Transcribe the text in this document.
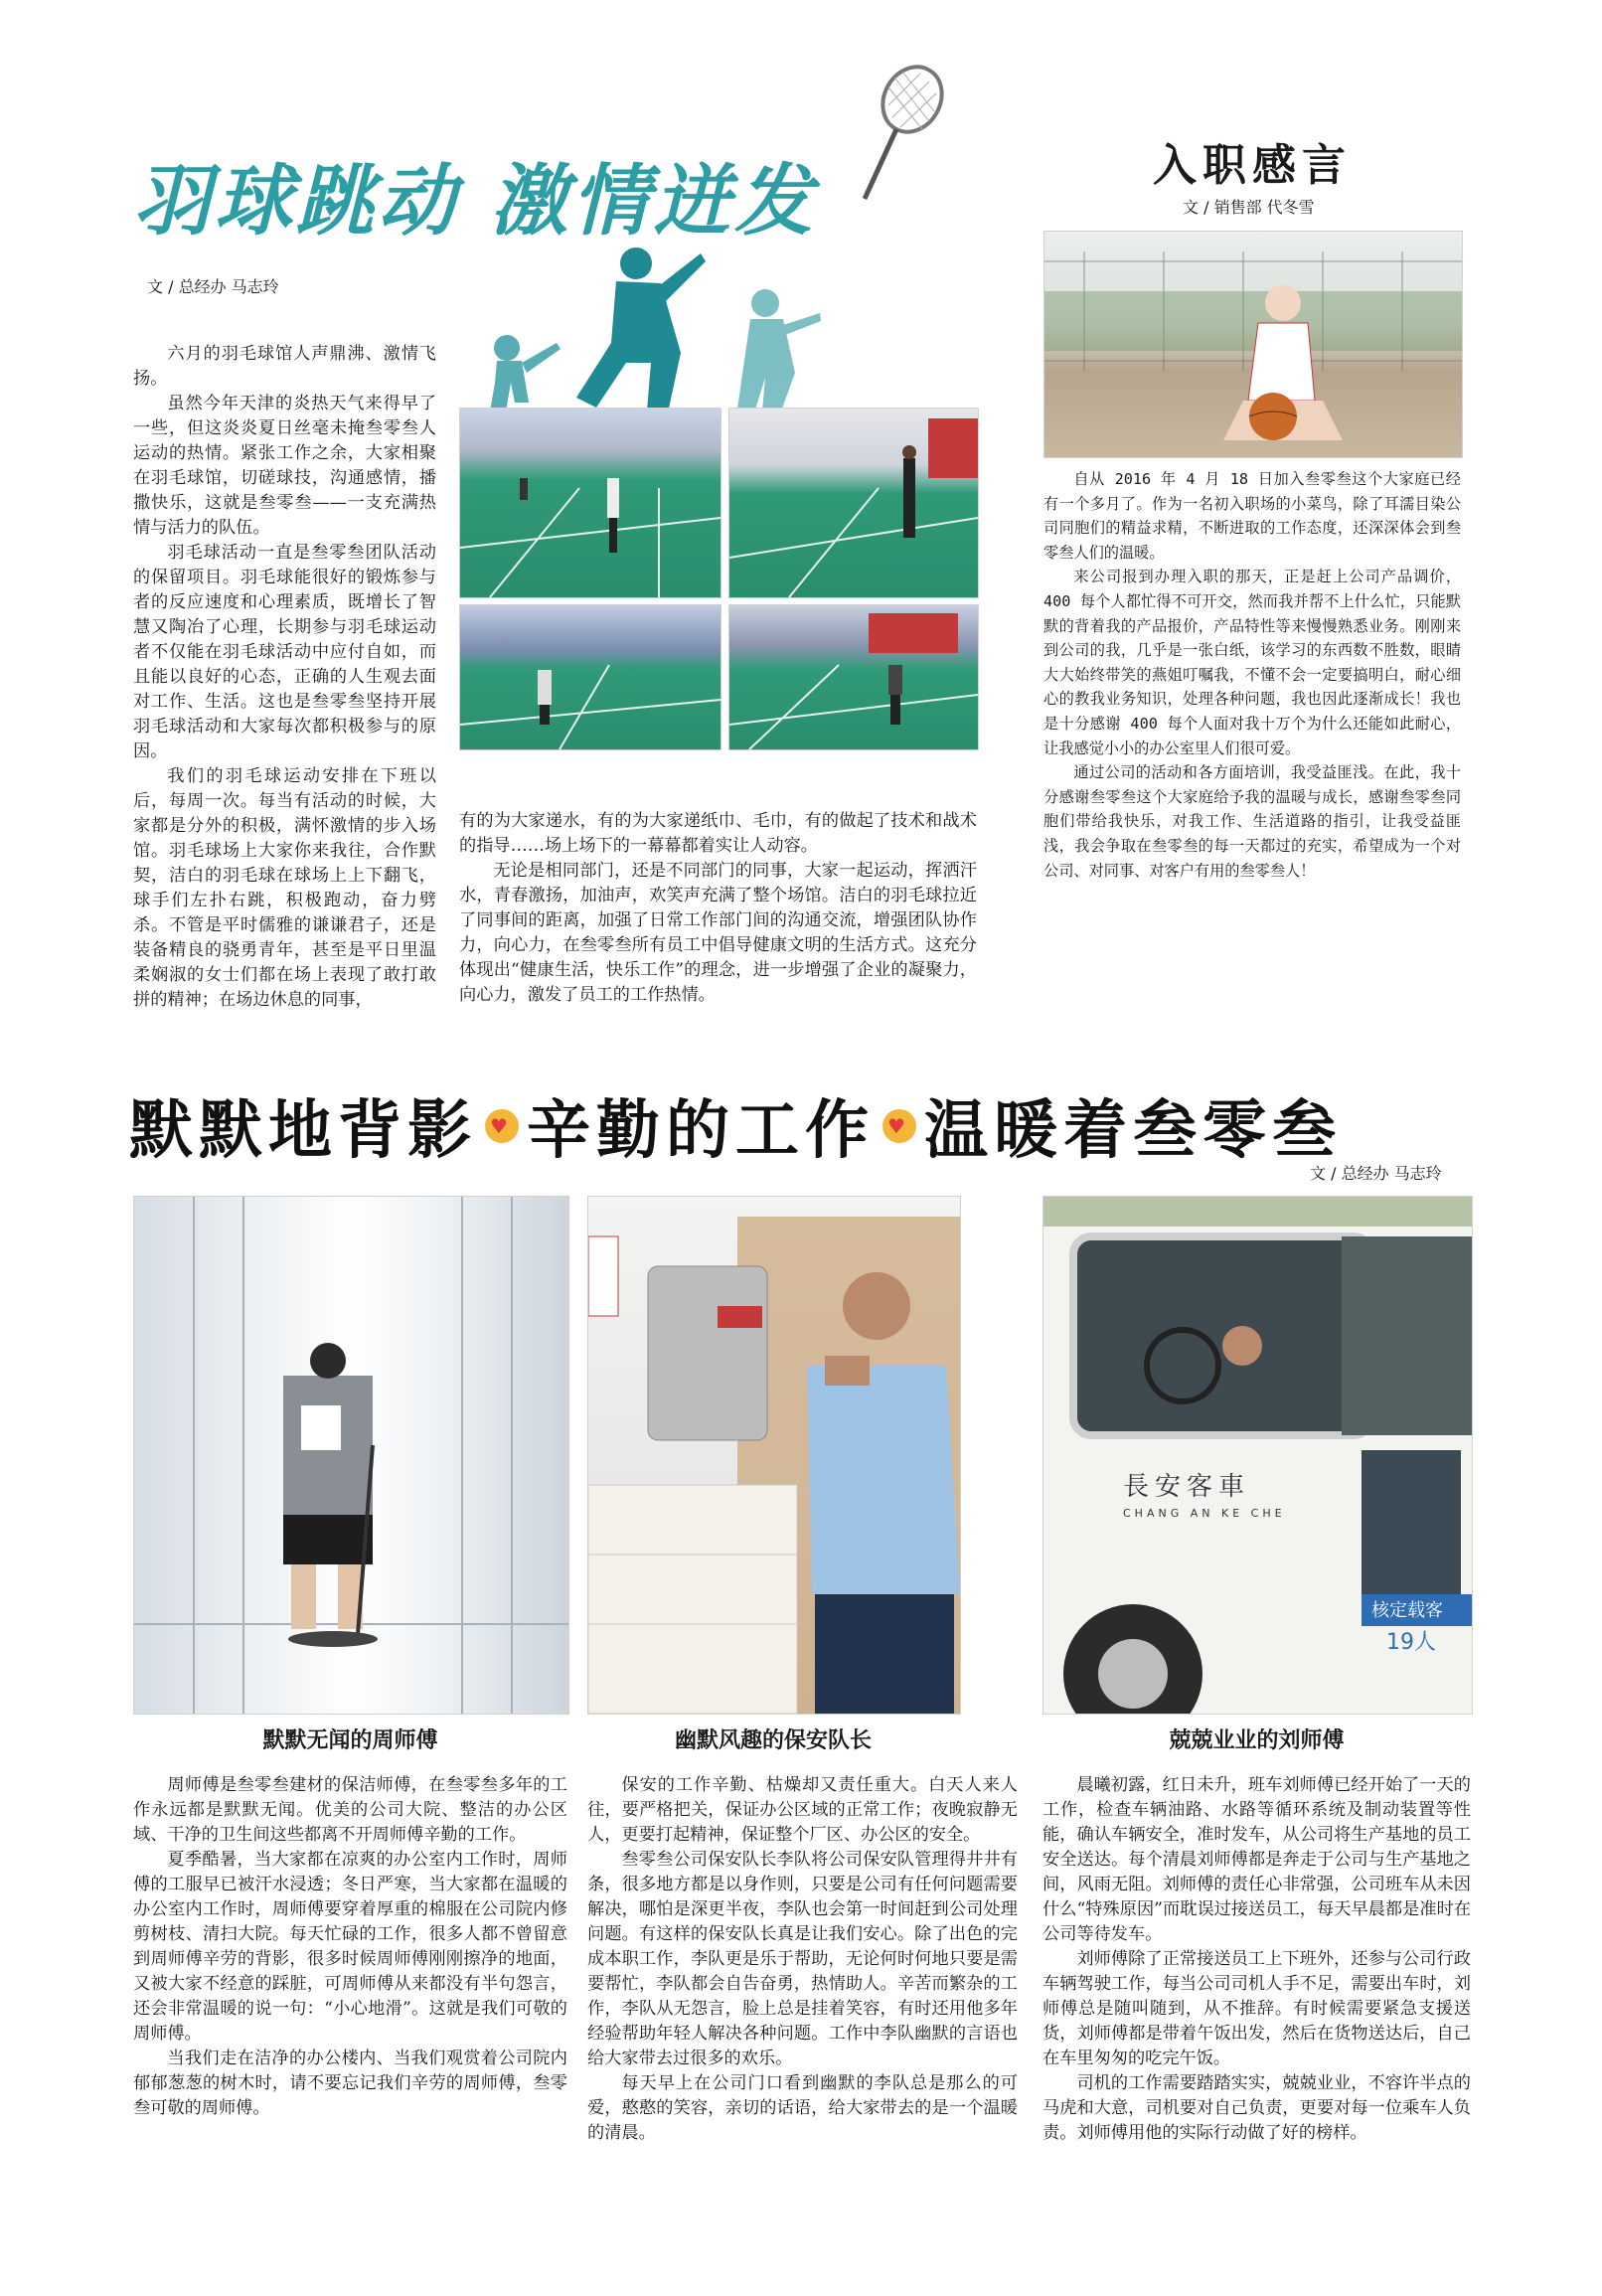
羽球跳动 激情迸发
文 / 总经办 马志玲

六月的羽毛球馆人声鼎沸、激情飞扬。

虽然今年天津的炎热天气来得早了一些，但这炎炎夏日丝毫未掩叁零叁人运动的热情。紧张工作之余，大家相聚在羽毛球馆，切磋球技，沟通感情，播撒快乐，这就是叁零叁——一支充满热情与活力的队伍。

羽毛球活动一直是叁零叁团队活动的保留项目。羽毛球能很好的锻炼参与者的反应速度和心理素质，既增长了智慧又陶冶了心理，长期参与羽毛球运动者不仅能在羽毛球活动中应付自如，而且能以良好的心态，正确的人生观去面对工作、生活。这也是叁零叁坚持开展羽毛球活动和大家每次都积极参与的原因。

我们的羽毛球运动安排在下班以后，每周一次。每当有活动的时候，大家都是分外的积极，满怀激情的步入场馆。羽毛球场上大家你来我往，合作默契，洁白的羽毛球在球场上上下翻飞，球手们左扑右跳，积极跑动，奋力劈杀。不管是平时儒雅的谦谦君子，还是装备精良的骁勇青年，甚至是平日里温柔娴淑的女士们都在场上表现了敢打敢拼的精神；在场边休息的同事，

有的为大家递水，有的为大家递纸巾、毛巾，有的做起了技术和战术的指导……场上场下的一幕幕都着实让人动容。

无论是相同部门，还是不同部门的同事，大家一起运动，挥洒汗水，青春激扬，加油声，欢笑声充满了整个场馆。洁白的羽毛球拉近了同事间的距离，加强了日常工作部门间的沟通交流，增强团队协作力，向心力，在叁零叁所有员工中倡导健康文明的生活方式。这充分体现出“健康生活，快乐工作”的理念，进一步增强了企业的凝聚力，向心力，激发了员工的工作热情。

入职感言
文 / 销售部 代冬雪

自从 2016 年 4 月 18 日加入叁零叁这个大家庭已经有一个多月了。作为一名初入职场的小菜鸟，除了耳濡目染公司同胞们的精益求精，不断进取的工作态度，还深深体会到叁零叁人们的温暖。

来公司报到办理入职的那天，正是赶上公司产品调价，400 每个人都忙得不可开交，然而我并帮不上什么忙，只能默默的背着我的产品报价，产品特性等来慢慢熟悉业务。刚刚来到公司的我，几乎是一张白纸，该学习的东西数不胜数，眼睛大大始终带笑的燕姐叮嘱我，不懂不会一定要搞明白，耐心细心的教我业务知识，处理各种问题，我也因此逐渐成长！我也是十分感谢 400 每个人面对我十万个为什么还能如此耐心，让我感觉小小的办公室里人们很可爱。

通过公司的活动和各方面培训，我受益匪浅。在此，我十分感谢叁零叁这个大家庭给予我的温暖与成长，感谢叁零叁同胞们带给我快乐，对我工作、生活道路的指引，让我受益匪浅，我会争取在叁零叁的每一天都过的充实，希望成为一个对公司、对同事、对客户有用的叁零叁人！

默默地背影 ♥ 辛勤的工作 ♥ 温暖着叁零叁
文 / 总经办 马志玲
長安客車
CHANG AN KE CHE
核定载客
19人
默默无闻的周师傅	幽默风趣的保安队长	兢兢业业的刘师傅

周师傅是叁零叁建材的保洁师傅，在叁零叁多年的工作永远都是默默无闻。优美的公司大院、整洁的办公区域、干净的卫生间这些都离不开周师傅辛勤的工作。

夏季酷暑，当大家都在凉爽的办公室内工作时，周师傅的工服早已被汗水浸透；冬日严寒，当大家都在温暖的办公室内工作时，周师傅要穿着厚重的棉服在公司院内修剪树枝、清扫大院。每天忙碌的工作，很多人都不曾留意到周师傅辛劳的背影，很多时候周师傅刚刚擦净的地面，又被大家不经意的踩脏，可周师傅从来都没有半句怨言，还会非常温暖的说一句：“小心地滑”。这就是我们可敬的周师傅。

当我们走在洁净的办公楼内、当我们观赏着公司院内郁郁葱葱的树木时，请不要忘记我们辛劳的周师傅，叁零叁可敬的周师傅。

保安的工作辛勤、枯燥却又责任重大。白天人来人往，要严格把关，保证办公区域的正常工作；夜晚寂静无人，更要打起精神，保证整个厂区、办公区的安全。

叁零叁公司保安队长李队将公司保安队管理得井井有条，很多地方都是以身作则，只要是公司有任何问题需要解决，哪怕是深更半夜，李队也会第一时间赶到公司处理问题。有这样的保安队长真是让我们安心。除了出色的完成本职工作，李队更是乐于帮助，无论何时何地只要是需要帮忙，李队都会自告奋勇，热情助人。辛苦而繁杂的工作，李队从无怨言，脸上总是挂着笑容，有时还用他多年经验帮助年轻人解决各种问题。工作中李队幽默的言语也给大家带去过很多的欢乐。

每天早上在公司门口看到幽默的李队总是那么的可爱，憨憨的笑容，亲切的话语，给大家带去的是一个温暖的清晨。

晨曦初露，红日未升，班车刘师傅已经开始了一天的工作，检查车辆油路、水路等循环系统及制动装置等性能，确认车辆安全，准时发车，从公司将生产基地的员工安全送达。每个清晨刘师傅都是奔走于公司与生产基地之间，风雨无阻。刘师傅的责任心非常强，公司班车从未因什么“特殊原因”而耽误过接送员工，每天早晨都是准时在公司等待发车。

刘师傅除了正常接送员工上下班外，还参与公司行政车辆驾驶工作，每当公司司机人手不足，需要出车时，刘师傅总是随叫随到，从不推辞。有时候需要紧急支援送货，刘师傅都是带着午饭出发，然后在货物送达后，自己在车里匆匆的吃完午饭。

司机的工作需要踏踏实实，兢兢业业，不容许半点的马虎和大意，司机要对自己负责，更要对每一位乘车人负责。刘师傅用他的实际行动做了好的榜样。
